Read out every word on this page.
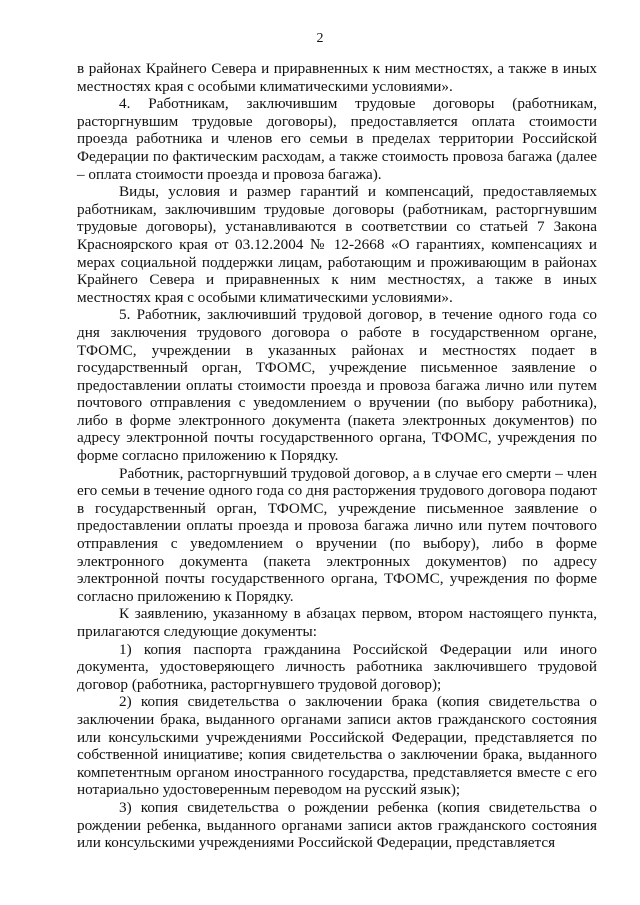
2

в районах Крайнего Севера и приравненных к ним местностях, а также в иных местностях края с особыми климатическими условиями».

4. Работникам, заключившим трудовые договоры (работникам, расторгнувшим трудовые договоры), предоставляется оплата стоимости проезда работника и членов его семьи в пределах территории Российской Федерации по фактическим расходам, а также стоимость провоза багажа (далее – оплата стоимости проезда и провоза багажа).

Виды, условия и размер гарантий и компенсаций, предоставляемых работникам, заключившим трудовые договоры (работникам, расторгнувшим трудовые договоры), устанавливаются в соответствии со статьей 7 Закона Красноярского края от 03.12.2004 № 12-2668 «О гарантиях, компенсациях и мерах социальной поддержки лицам, работающим и проживающим в районах Крайнего Севера и приравненных к ним местностях, а также в иных местностях края с особыми климатическими условиями».

5. Работник, заключивший трудовой договор, в течение одного года со дня заключения трудового договора о работе в государственном органе, ТФОМС, учреждении в указанных районах и местностях подает в государственный орган, ТФОМС, учреждение письменное заявление о предоставлении оплаты стоимости проезда и провоза багажа лично или путем почтового отправления с уведомлением о вручении (по выбору работника), либо в форме электронного документа (пакета электронных документов) по адресу электронной почты государственного органа, ТФОМС, учреждения по форме согласно приложению к Порядку.

Работник, расторгнувший трудовой договор, а в случае его смерти – член его семьи в течение одного года со дня расторжения трудового договора подают в государственный орган, ТФОМС, учреждение письменное заявление о предоставлении оплаты проезда и провоза багажа лично или путем почтового отправления с уведомлением о вручении (по выбору), либо в форме электронного документа (пакета электронных документов) по адресу электронной почты государственного органа, ТФОМС, учреждения по форме согласно приложению к Порядку.

К заявлению, указанному в абзацах первом, втором настоящего пункта, прилагаются следующие документы:

1) копия паспорта гражданина Российской Федерации или иного документа, удостоверяющего личность работника заключившего трудовой договор (работника, расторгнувшего трудовой договор);

2) копия свидетельства о заключении брака (копия свидетельства о заключении брака, выданного органами записи актов гражданского состояния или консульскими учреждениями Российской Федерации, представляется по собственной инициативе; копия свидетельства о заключении брака, выданного компетентным органом иностранного государства, представляется вместе с его нотариально удостоверенным переводом на русский язык);

3) копия свидетельства о рождении ребенка (копия свидетельства о рождении ребенка, выданного органами записи актов гражданского состояния или консульскими учреждениями Российской Федерации, представляется
